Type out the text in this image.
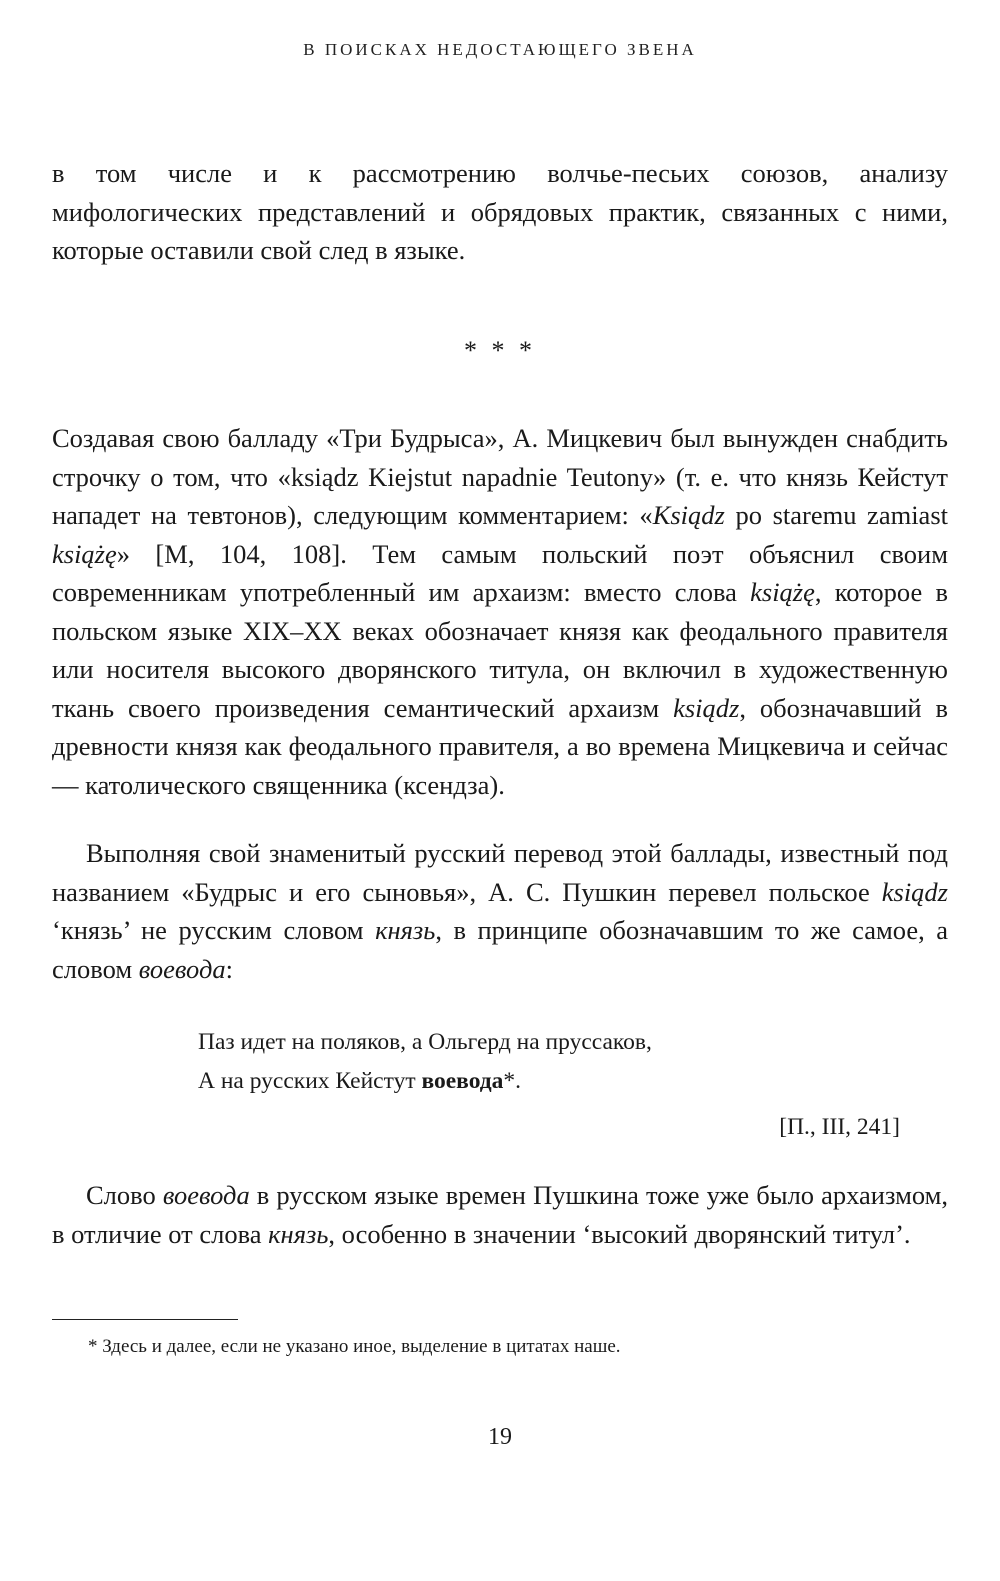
В ПОИСКАХ НЕДОСТАЮЩЕГО ЗВЕНА

в том числе и к рассмотрению волчье-песьих союзов, анализу мифологических представлений и обрядовых практик, связанных с ними, которые оставили свой след в языке.

* * *

Создавая свою балладу «Три Будрыса», А. Мицкевич был вынужден снабдить строчку о том, что «ksiądz Kiejstut napadnie Teutony» (т. е. что князь Кейстут нападет на тевтонов), следующим комментарием: «Ksiądz po staremu zamiast książę» [M, 104, 108]. Тем самым польский поэт объяснил своим современникам употребленный им архаизм: вместо слова książę, которое в польском языке XIX–XX веках обозначает князя как феодального правителя или носителя высокого дворянского титула, он включил в художественную ткань своего произведения семантический архаизм ksiądz, обозначавший в древности князя как феодального правителя, а во времена Мицкевича и сейчас — католического священника (ксендза).

Выполняя свой знаменитый русский перевод этой баллады, известный под названием «Будрыс и его сыновья», А. С. Пушкин перевел польское ksiądz ‘князь’ не русским словом князь, в принципе обозначавшим то же самое, а словом воевода:

Паз идет на поляков, а Ольгерд на пруссаков,
А на русских Кейстут воевода*.
[П., III, 241]

Слово воевода в русском языке времен Пушкина тоже уже было архаизмом, в отличие от слова князь, особенно в значении ‘высокий дворянский титул’.

* Здесь и далее, если не указано иное, выделение в цитатах наше.
19
